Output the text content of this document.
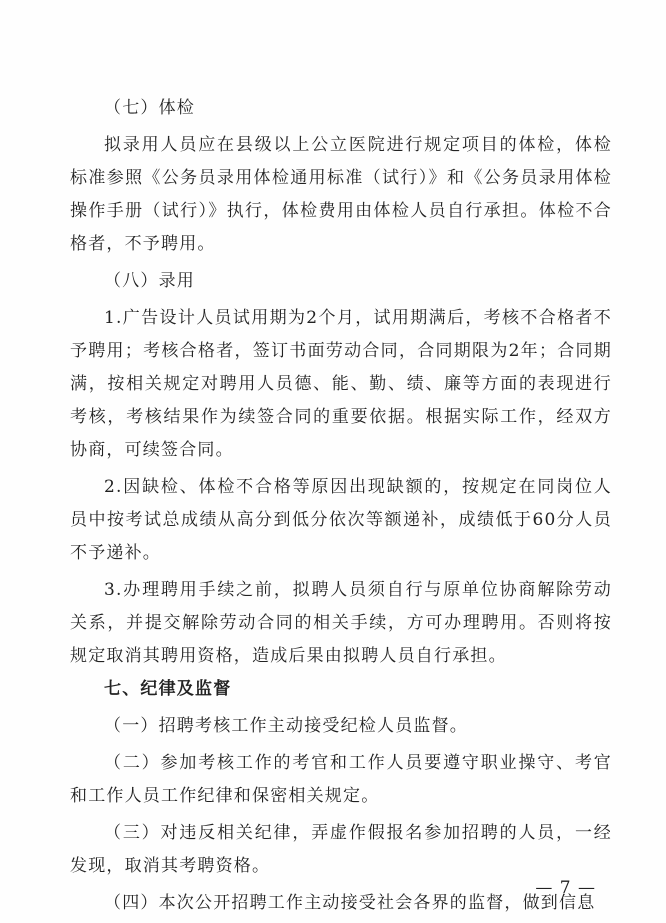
（七）体检

拟录用人员应在县级以上公立医院进行规定项目的体检，体检标准参照《公务员录用体检通用标准（试行）》和《公务员录用体检操作手册（试行）》执行，体检费用由体检人员自行承担。体检不合格者，不予聘用。

（八）录用

1.广告设计人员试用期为2个月，试用期满后，考核不合格者不予聘用；考核合格者，签订书面劳动合同，合同期限为2年；合同期满，按相关规定对聘用人员德、能、勤、绩、廉等方面的表现进行考核，考核结果作为续签合同的重要依据。根据实际工作，经双方协商，可续签合同。

2.因缺检、体检不合格等原因出现缺额的，按规定在同岗位人员中按考试总成绩从高分到低分依次等额递补，成绩低于60分人员不予递补。

3.办理聘用手续之前，拟聘人员须自行与原单位协商解除劳动关系，并提交解除劳动合同的相关手续，方可办理聘用。否则将按规定取消其聘用资格，造成后果由拟聘人员自行承担。

七、纪律及监督

（一）招聘考核工作主动接受纪检人员监督。

（二）参加考核工作的考官和工作人员要遵守职业操守、考官和工作人员工作纪律和保密相关规定。

（三）对违反相关纪律，弄虚作假报名参加招聘的人员，一经发现，取消其考聘资格。

（四）本次公开招聘工作主动接受社会各界的监督，做到信息

— 7 —
